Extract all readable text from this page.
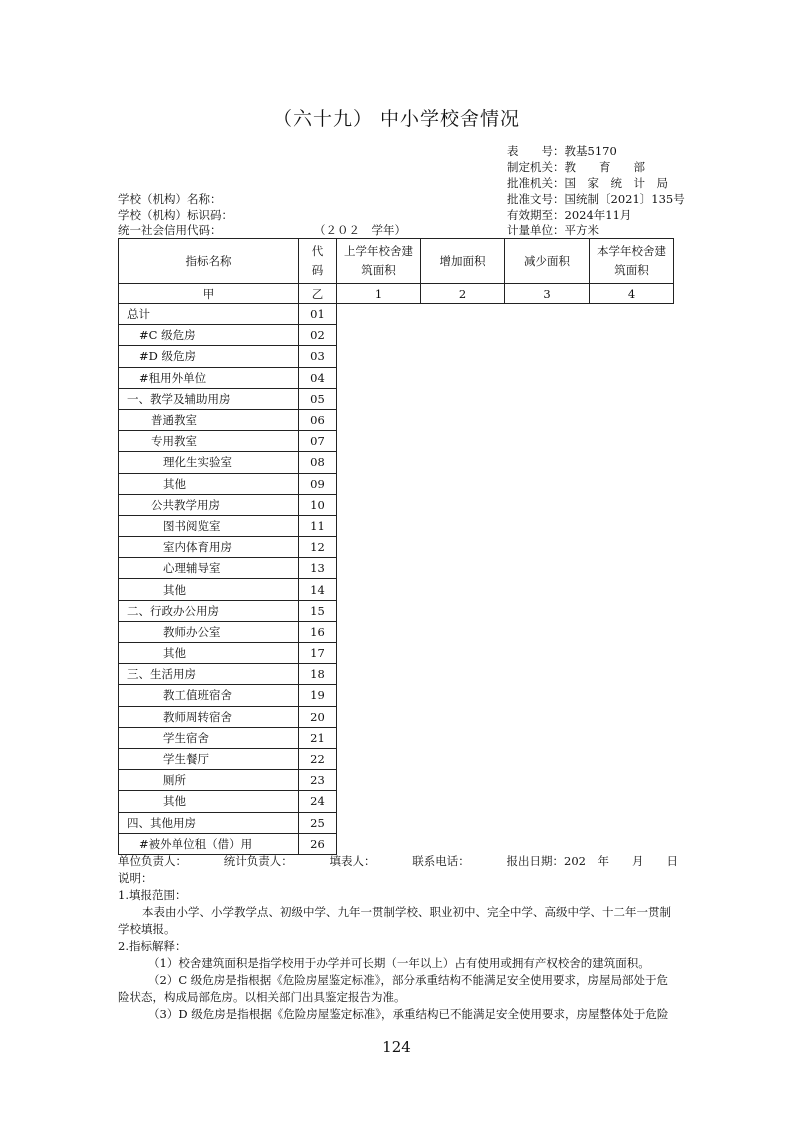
（六十九） 中小学校舍情况
表　　号：教基5170
制定机关：教　　育　　部
批准机关：国　家　统　计　局
批准文号：国统制〔2021〕135号
有效期至：2024年11月
计量单位：平方米
学校（机构）名称：
学校（机构）标识码：
统一社会信用代码：	（２０２　学年）
指标名称	代码	上学年校舍建筑面积	增加面积	减少面积	本学年校舍建筑面积
甲	乙	1	2	3	4
总计	01				
#C 级危房	02				
#D 级危房	03				
#租用外单位	04				
一、教学及辅助用房	05				
普通教室	06				
专用教室	07				
理化生实验室	08				
其他	09				
公共教学用房	10				
图书阅览室	11				
室内体育用房	12				
心理辅导室	13				
其他	14				
二、行政办公用房	15				
教师办公室	16				
其他	17				
三、生活用房	18				
教工值班宿舍	19				
教师周转宿舍	20				
学生宿舍	21				
学生餐厅	22				
厕所	23				
其他	24				
四、其他用房	25				
#被外单位租（借）用	26				
单位负责人：	统计负责人：	填表人：	联系电话：	报出日期：202　年　　月　　日

说明：

1.填报范围：

本表由小学、小学教学点、初级中学、九年一贯制学校、职业初中、完全中学、高级中学、十二年一贯制学校填报。

2.指标解释：

（1）校舍建筑面积是指学校用于办学并可长期（一年以上）占有使用或拥有产权校舍的建筑面积。

（2）C 级危房是指根据《危险房屋鉴定标准》，部分承重结构不能满足安全使用要求，房屋局部处于危险状态，构成局部危房。以相关部门出具鉴定报告为准。

（3）D 级危房是指根据《危险房屋鉴定标准》，承重结构已不能满足安全使用要求，房屋整体处于危险

124
